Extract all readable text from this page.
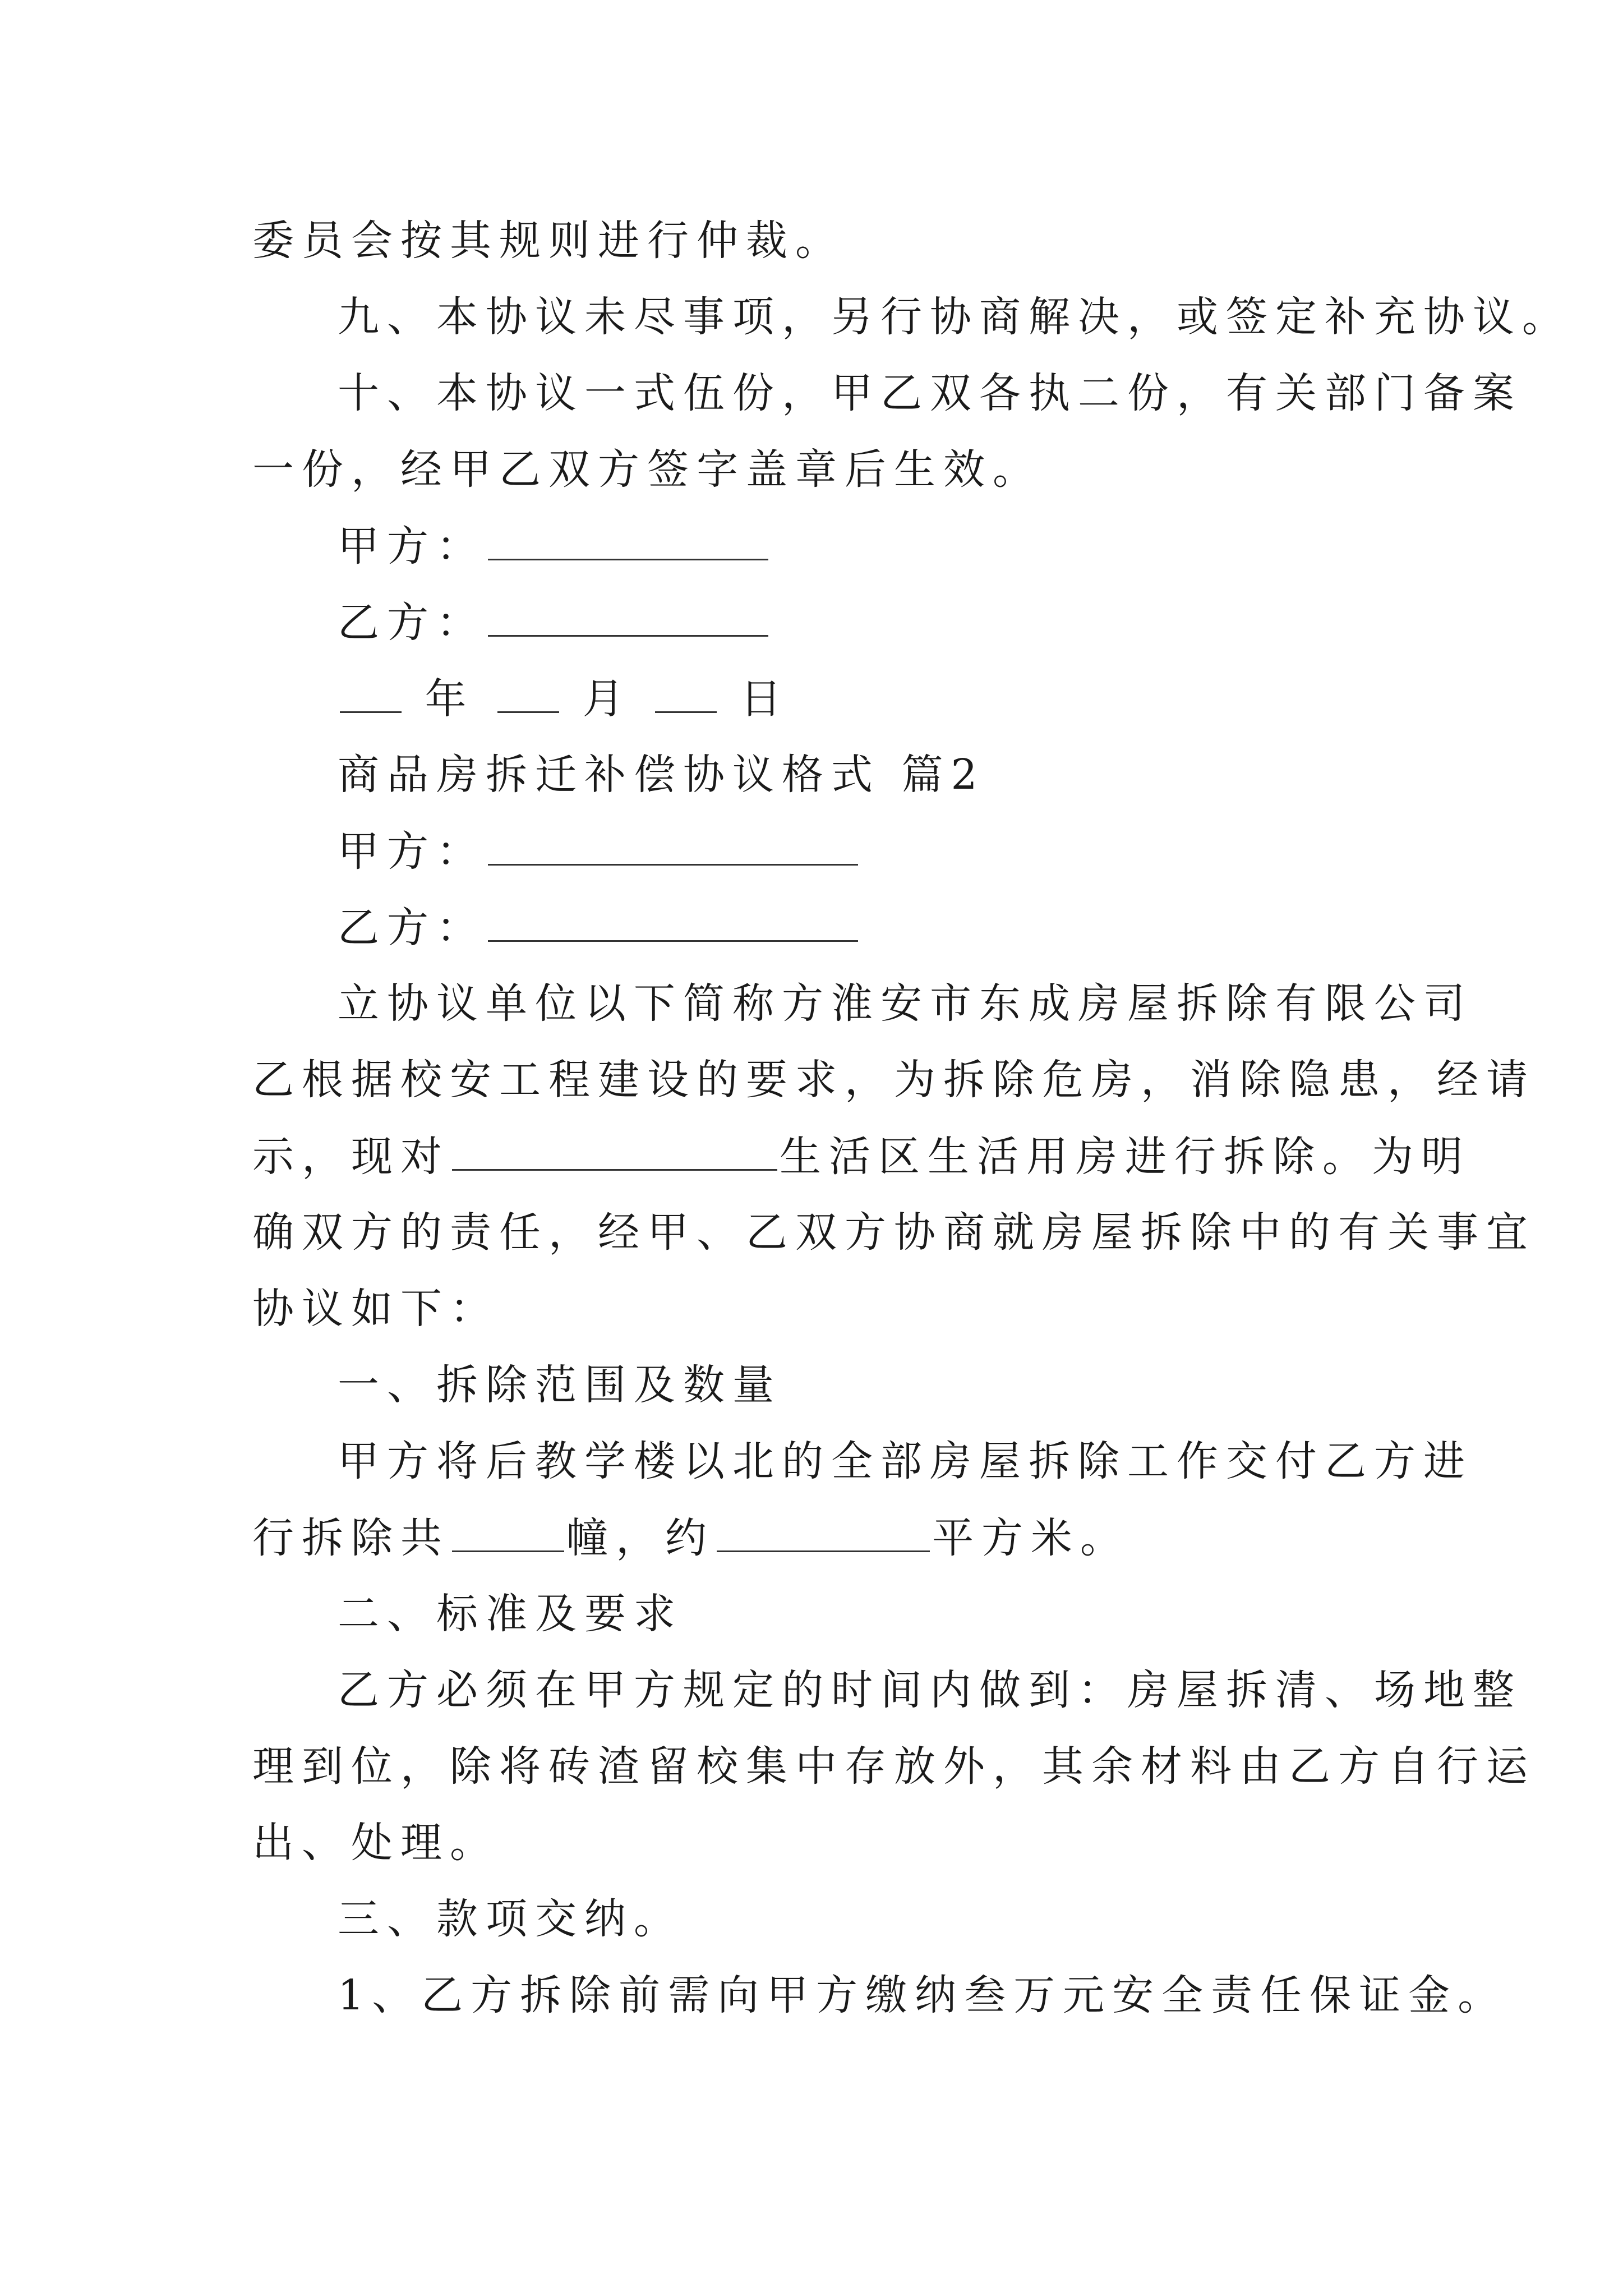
委员会按其规则进行仲裁。
九、本协议未尽事项，另行协商解决，或签定补充协议。
十、本协议一式伍份，甲乙双各执二份，有关部门备案
一份，经甲乙双方签字盖章后生效。
甲方：
乙方：
年	月	日
商品房拆迁补偿协议格式 篇2
甲方：
乙方：
立协议单位以下简称方淮安市东成房屋拆除有限公司
乙根据校安工程建设的要求，为拆除危房，消除隐患，经请
示，现对	生活区生活用房进行拆除。为明
确双方的责任，经甲、乙双方协商就房屋拆除中的有关事宜
协议如下：
一、拆除范围及数量
甲方将后教学楼以北的全部房屋拆除工作交付乙方进
行拆除共	幢，约	平方米。
二、标准及要求
乙方必须在甲方规定的时间内做到：房屋拆清、场地整
理到位，除将砖渣留校集中存放外，其余材料由乙方自行运
出、处理。
三、款项交纳。
1、乙方拆除前需向甲方缴纳叁万元安全责任保证金。
